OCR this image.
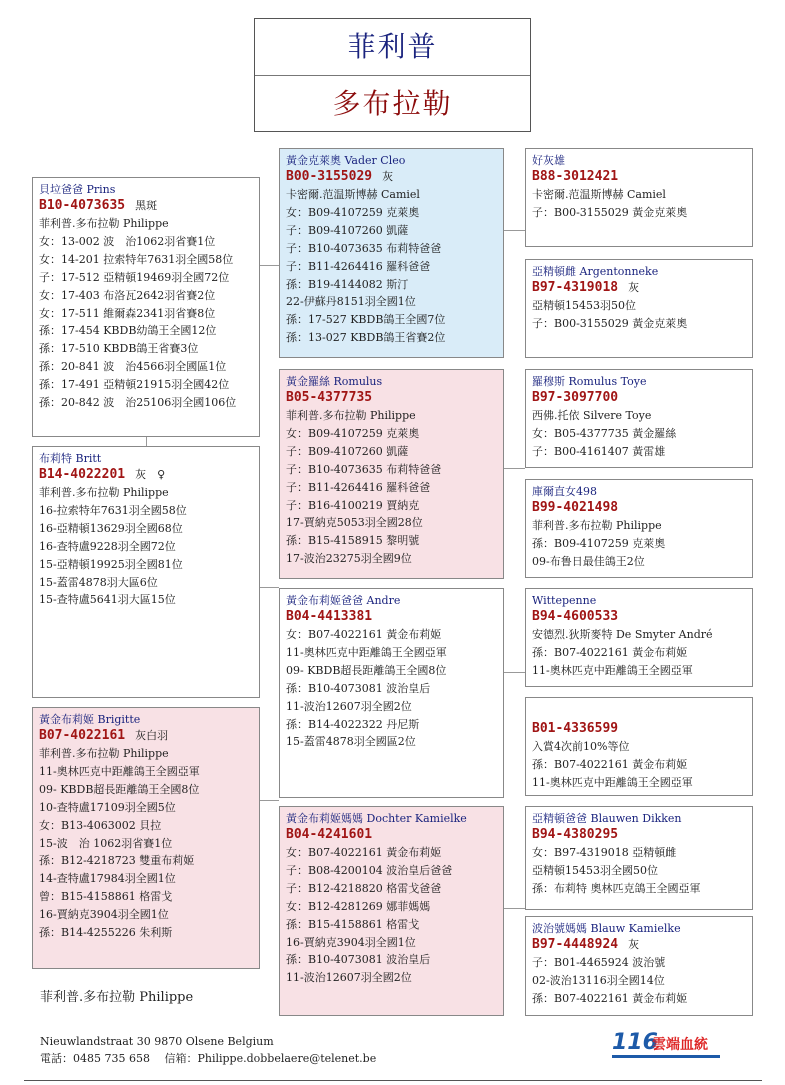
菲利普
多布拉勒
貝垃爸爸 Prins
B10-4073635 黑斑
菲利普.多布拉勒 Philippe
女：13-002 波　治1062羽省賽1位
女：14-201 拉索特年7631羽全國58位
子：17-512 亞精頓19469羽全國72位
女：17-403 布洛瓦2642羽省賽2位
女：17-511 維爾森2341羽省賽8位
孫：17-454 KBDB幼鴿王全國12位
孫：17-510 KBDB鴿王省賽3位
孫：20-841 波　治4566羽全國區1位
孫：17-491 亞精頓21915羽全國42位
孫：20-842 波　治25106羽全國106位
布莉特 Britt
B14-4022201 灰　♀
菲利普.多布拉勒 Philippe
16-拉索特年7631羽全國58位
16-亞精頓13629羽全國68位
16-查特盧9228羽全國72位
15-亞精頓19925羽全國81位
15-蓋雷4878羽大區6位
15-查特盧5641羽大區15位
黃金布莉姬 Brigitte
B07-4022161 灰白羽
菲利普.多布拉勒 Philippe
11-奧林匹克中距離鴿王全國亞軍
09- KBDB超長距離鴿王全國8位
10-查特盧17109羽全國5位
女：B13-4063002 貝拉
15-波　治 1062羽省賽1位
孫：B12-4218723 雙重布莉姬
14-查特盧17984羽全國1位
曾：B15-4158861 格雷戈
16-賈納克3904羽全國1位
孫：B14-4255226 朱利斯
黃金克萊奧 Vader Cleo
B00-3155029 灰
卡密爾.范温斯博赫 Camiel
女：B09-4107259 克萊奧
子：B09-4107260 凱薩
子：B10-4073635 布莉特爸爸
子：B11-4264416 羅科爸爸
孫：B19-4144082 斯汀
22-伊蘇丹8151羽全國1位
孫：17-527 KBDB鴿王全國7位
孫：13-027 KBDB鴿王省賽2位
黃金羅絲 Romulus
B05-4377735
菲利普.多布拉勒 Philippe
女：B09-4107259 克萊奧
子：B09-4107260 凱薩
子：B10-4073635 布莉特爸爸
子：B11-4264416 羅科爸爸
子：B16-4100219 賈納克
17-賈納克5053羽全國28位
孫：B15-4158915 黎明號
17-波治23275羽全國9位
黃金布莉姬爸爸 Andre
B04-4413381
女：B07-4022161 黃金布莉姬
11-奧林匹克中距離鴿王全國亞軍
09- KBDB超長距離鴿王全國8位
孫：B10-4073081 波治皇后
11-波治12607羽全國2位
孫：B14-4022322 丹尼斯
15-蓋雷4878羽全國區2位
黃金布莉姬媽媽 Dochter Kamielke
B04-4241601
女：B07-4022161 黃金布莉姬
子：B08-4200104 波治皇后爸爸
子：B12-4218820 格雷戈爸爸
女：B12-4281269 娜菲媽媽
孫：B15-4158861 格雷戈
16-賈納克3904羽全國1位
孫：B10-4073081 波治皇后
11-波治12607羽全國2位
好灰雄
B88-3012421
卡密爾.范温斯博赫 Camiel
子：B00-3155029 黃金克萊奧
亞精頓雌 Argentonneke
B97-4319018 灰
亞精頓15453羽50位
子：B00-3155029 黃金克萊奧
羅穆斯 Romulus Toye
B97-3097700
西佛.托依 Silvere Toye
女：B05-4377735 黃金羅絲
子：B00-4161407 黃雷雄
庫爾直女498
B99-4021498
菲利普.多布拉勒 Philippe
孫：B09-4107259 克萊奧
09-布鲁日最佳鴿王2位
Wittepenne
B94-4600533
安德烈.狄斯麥特 De Smyter André
孫：B07-4022161 黃金布莉姬
11-奧林匹克中距離鴿王全國亞軍
B01-4336599
入賞4次前10%等位
孫：B07-4022161 黃金布莉姬
11-奧林匹克中距離鴿王全國亞軍
亞精頓爸爸 Blauwen Dikken
B94-4380295
女：B97-4319018 亞精頓雌
亞精頓15453羽全國50位
孫：布莉特 奧林匹克鴿王全國亞軍
波治號媽媽 Blauw Kamielke
B97-4448924 灰
子：B01-4465924 波治號
02-波治13116羽全國14位
孫：B07-4022161 黃金布莉姬
菲利普.多布拉勒 Philippe
Nieuwlandstraat 30 9870 Olsene Belgium
電話：0485 735 658　 信箱：Philippe.dobbelaere@telenet.be
116
雲端血統
